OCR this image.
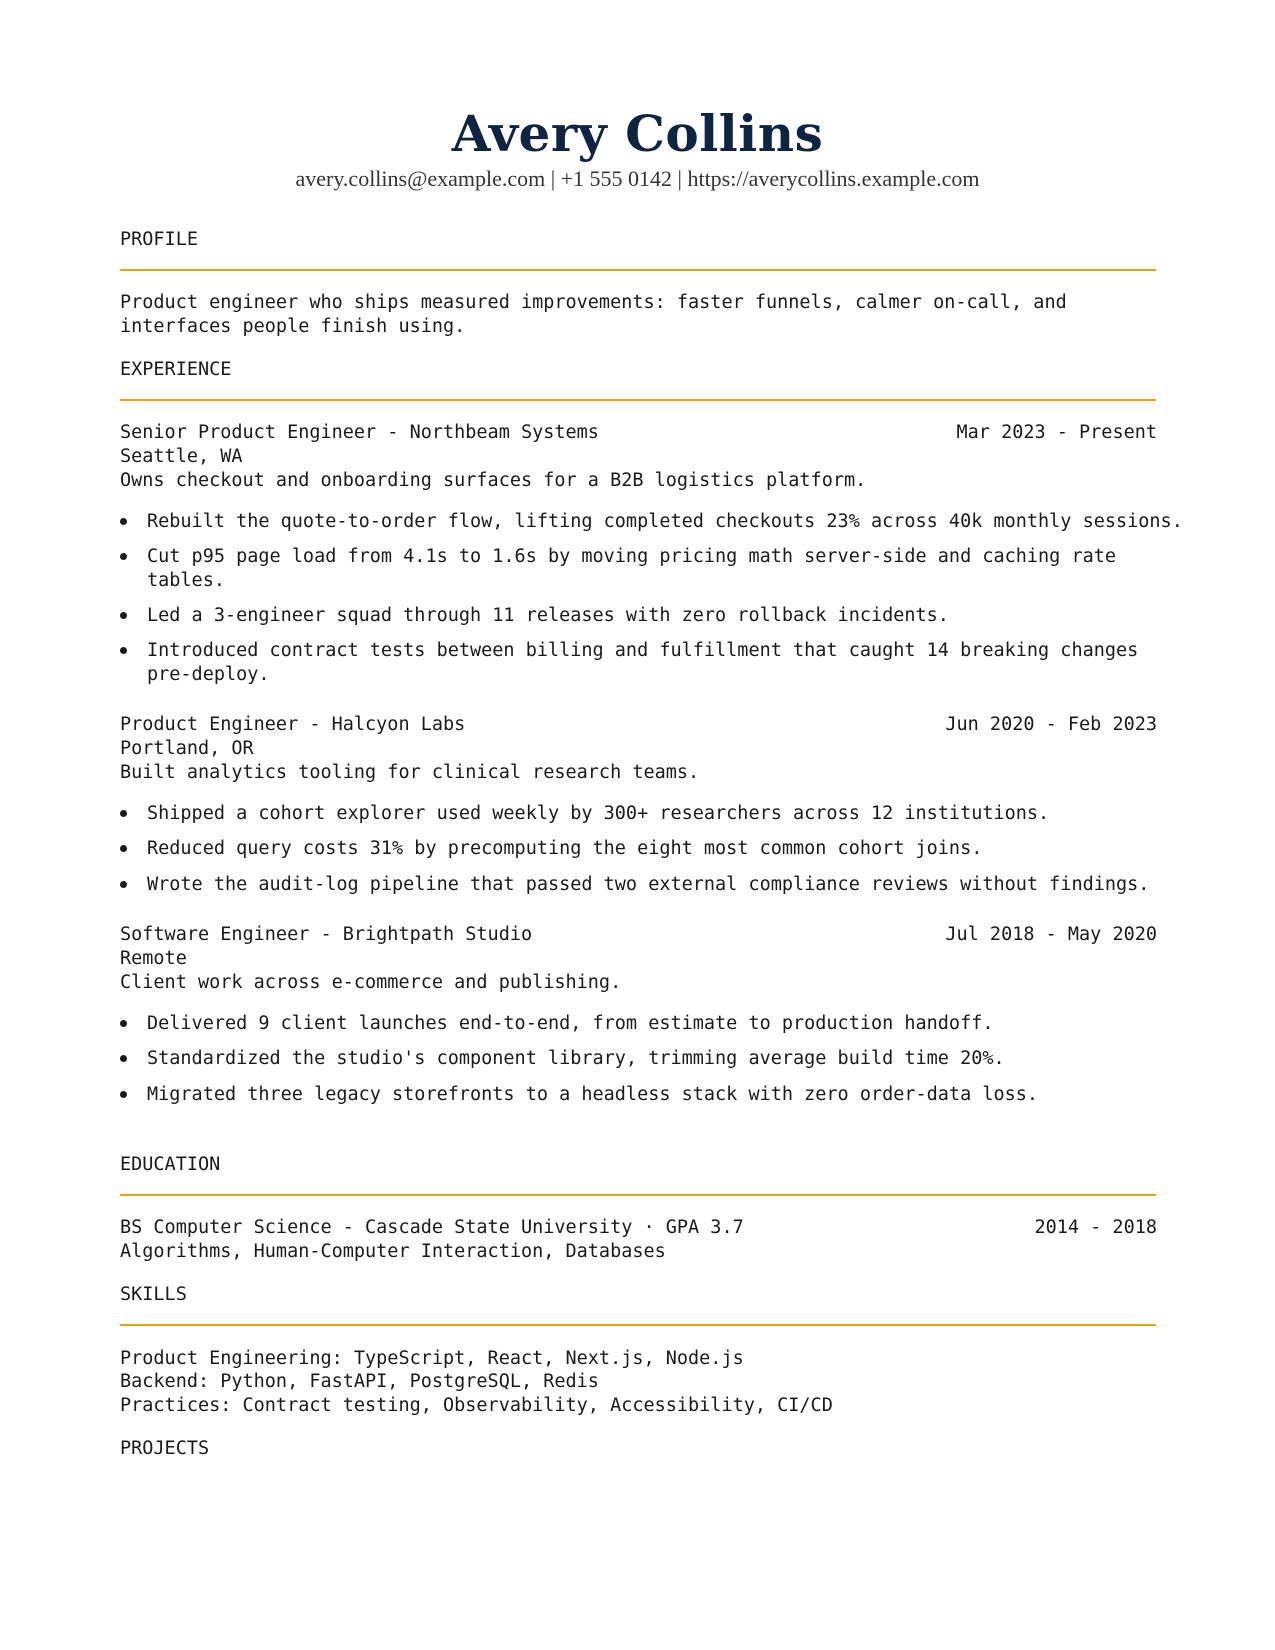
Avery Collins
avery.collins@example.com | +1 555 0142 | https://averycollins.example.com
PROFILE
Product engineer who ships measured improvements: faster funnels, calmer on-call, and
interfaces people finish using.
EXPERIENCE
Senior Product Engineer - Northbeam Systems	Mar 2023 - Present
Seattle, WA
Owns checkout and onboarding surfaces for a B2B logistics platform.
Rebuilt the quote-to-order flow, lifting completed checkouts 23% across 40k monthly sessions.
Cut p95 page load from 4.1s to 1.6s by moving pricing math server-side and caching rate
tables.
Led a 3-engineer squad through 11 releases with zero rollback incidents.
Introduced contract tests between billing and fulfillment that caught 14 breaking changes
pre-deploy.
Product Engineer - Halcyon Labs	Jun 2020 - Feb 2023
Portland, OR
Built analytics tooling for clinical research teams.
Shipped a cohort explorer used weekly by 300+ researchers across 12 institutions.
Reduced query costs 31% by precomputing the eight most common cohort joins.
Wrote the audit-log pipeline that passed two external compliance reviews without findings.
Software Engineer - Brightpath Studio	Jul 2018 - May 2020
Remote
Client work across e-commerce and publishing.
Delivered 9 client launches end-to-end, from estimate to production handoff.
Standardized the studio's component library, trimming average build time 20%.
Migrated three legacy storefronts to a headless stack with zero order-data loss.
EDUCATION
BS Computer Science - Cascade State University · GPA 3.7	2014 - 2018
Algorithms, Human-Computer Interaction, Databases
SKILLS
Product Engineering: TypeScript, React, Next.js, Node.js
Backend: Python, FastAPI, PostgreSQL, Redis
Practices: Contract testing, Observability, Accessibility, CI/CD
PROJECTS
